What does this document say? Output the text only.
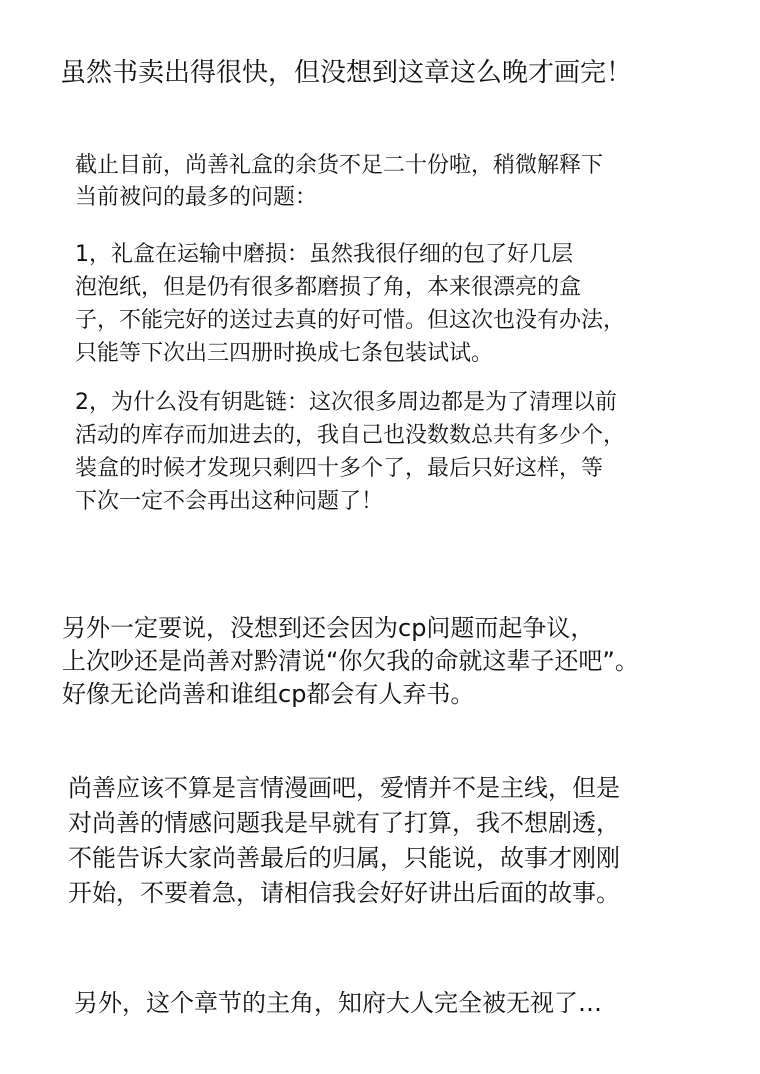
虽然书卖出得很快，但没想到这章这么晚才画完！
截止目前，尚善礼盒的余货不足二十份啦，稍微解释下
当前被问的最多的问题：
1，礼盒在运输中磨损：虽然我很仔细的包了好几层
泡泡纸，但是仍有很多都磨损了角，本来很漂亮的盒
子，不能完好的送过去真的好可惜。但这次也没有办法，
只能等下次出三四册时换成七条包装试试。
2，为什么没有钥匙链：这次很多周边都是为了清理以前
活动的库存而加进去的，我自己也没数数总共有多少个，
装盒的时候才发现只剩四十多个了，最后只好这样，等
下次一定不会再出这种问题了！
另外一定要说，没想到还会因为cp问题而起争议，
上次吵还是尚善对黔清说“你欠我的命就这辈子还吧”。
好像无论尚善和谁组cp都会有人弃书。
尚善应该不算是言情漫画吧，爱情并不是主线，但是
对尚善的情感问题我是早就有了打算，我不想剧透，
不能告诉大家尚善最后的归属，只能说，故事才刚刚
开始，不要着急，请相信我会好好讲出后面的故事。
另外，这个章节的主角，知府大人完全被无视了…
